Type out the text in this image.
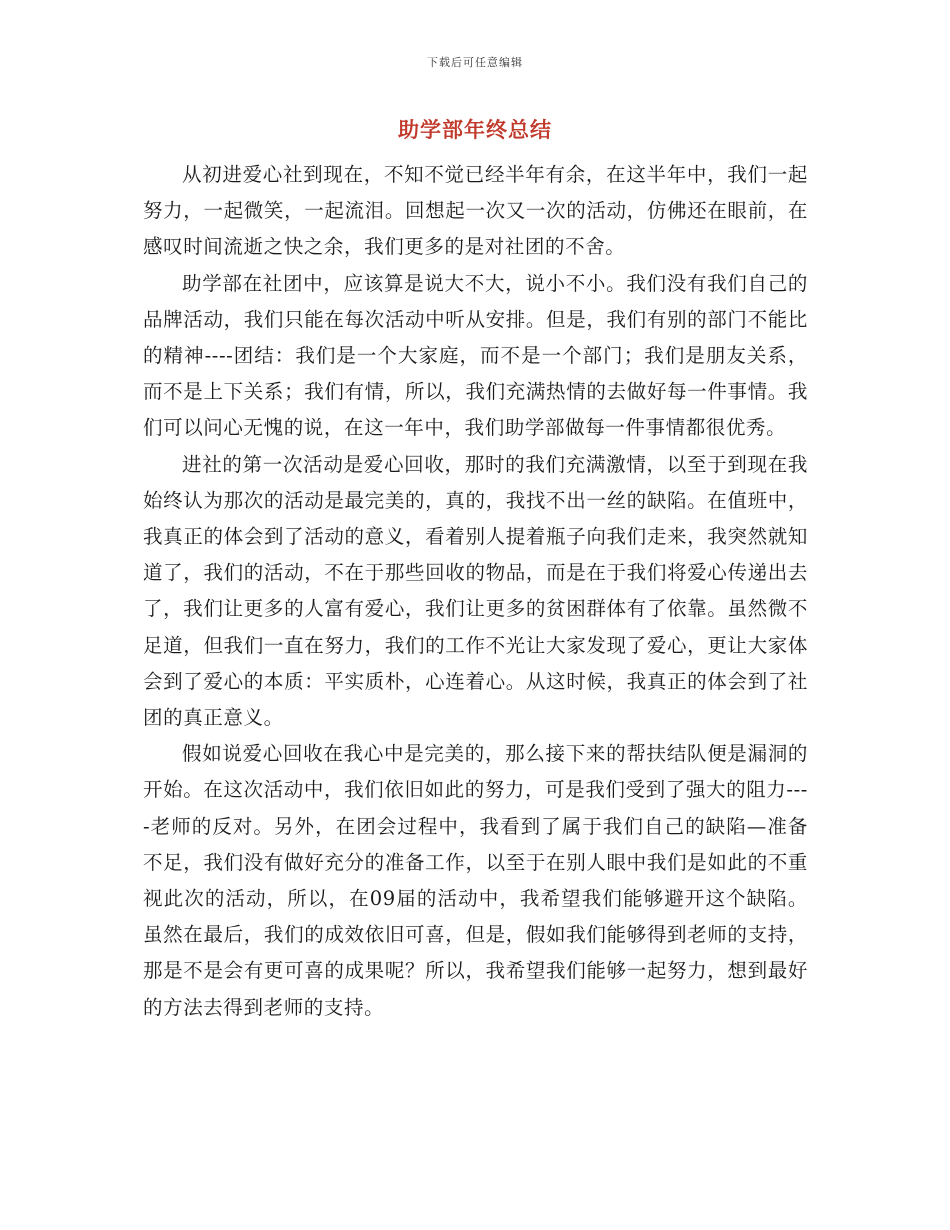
下载后可任意编辑
助学部年终总结

从初进爱心社到现在，不知不觉已经半年有余，在这半年中，我们一起努力，一起微笑，一起流泪。回想起一次又一次的活动，仿佛还在眼前，在感叹时间流逝之快之余，我们更多的是对社团的不舍。

助学部在社团中，应该算是说大不大，说小不小。我们没有我们自己的品牌活动，我们只能在每次活动中听从安排。但是，我们有别的部门不能比的精神----团结：我们是一个大家庭，而不是一个部门；我们是朋友关系，而不是上下关系；我们有情，所以，我们充满热情的去做好每一件事情。我们可以问心无愧的说，在这一年中，我们助学部做每一件事情都很优秀。

进社的第一次活动是爱心回收，那时的我们充满激情，以至于到现在我始终认为那次的活动是最完美的，真的，我找不出一丝的缺陷。在值班中，我真正的体会到了活动的意义，看着别人提着瓶子向我们走来，我突然就知道了，我们的活动，不在于那些回收的物品，而是在于我们将爱心传递出去了，我们让更多的人富有爱心，我们让更多的贫困群体有了依靠。虽然微不足道，但我们一直在努力，我们的工作不光让大家发现了爱心，更让大家体会到了爱心的本质：平实质朴，心连着心。从这时候，我真正的体会到了社团的真正意义。

假如说爱心回收在我心中是完美的，那么接下来的帮扶结队便是漏洞的开始。在这次活动中，我们依旧如此的努力，可是我们受到了强大的阻力----老师的反对。另外，在团会过程中，我看到了属于我们自己的缺陷—准备不足，我们没有做好充分的准备工作，以至于在别人眼中我们是如此的不重视此次的活动，所以，在09届的活动中，我希望我们能够避开这个缺陷。虽然在最后，我们的成效依旧可喜，但是，假如我们能够得到老师的支持，那是不是会有更可喜的成果呢？所以，我希望我们能够一起努力，想到最好的方法去得到老师的支持。
